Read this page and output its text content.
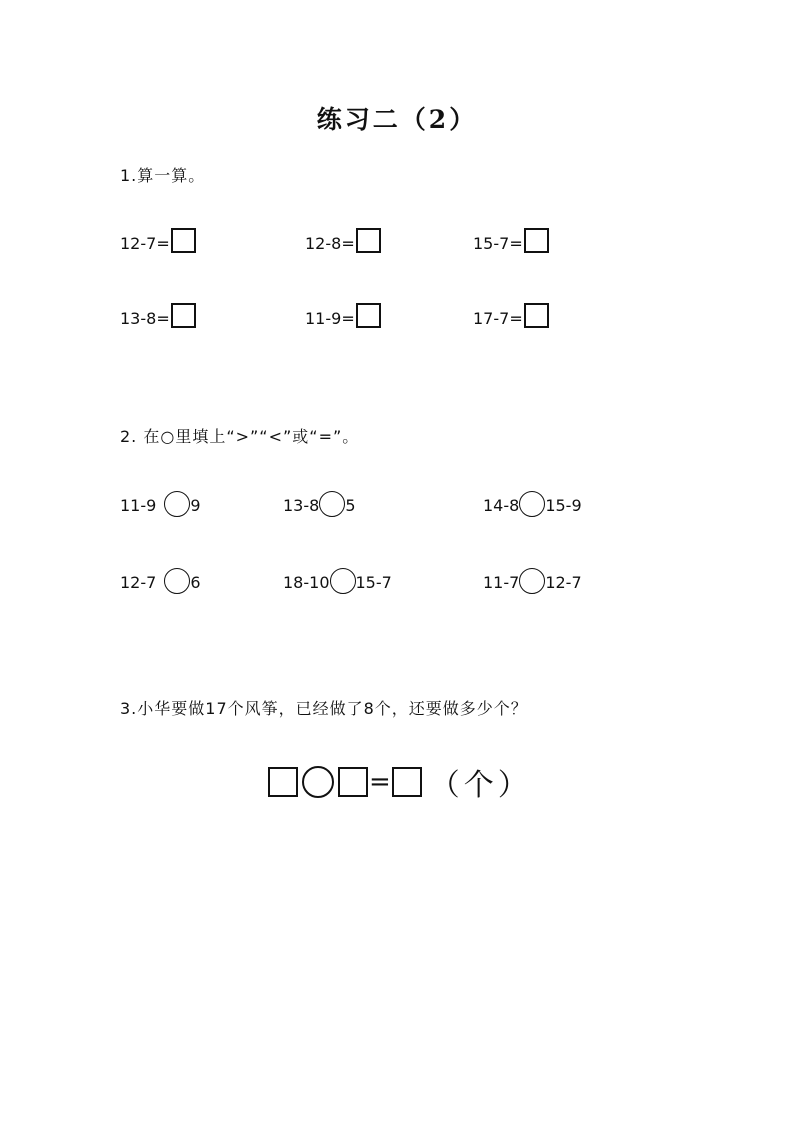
练习二（2）
1.算一算。
12-7=	12-8=	15-7=
13-8=	11-9=	17-7=
2. 在○里填上“>”“<”或“=”。
11-9 9	13-8 5	14-8 15-9
12-7 6	18-10 15-7	11-7 12-7
3.小华要做17个风筝，已经做了8个，还要做多少个？
= （个）
